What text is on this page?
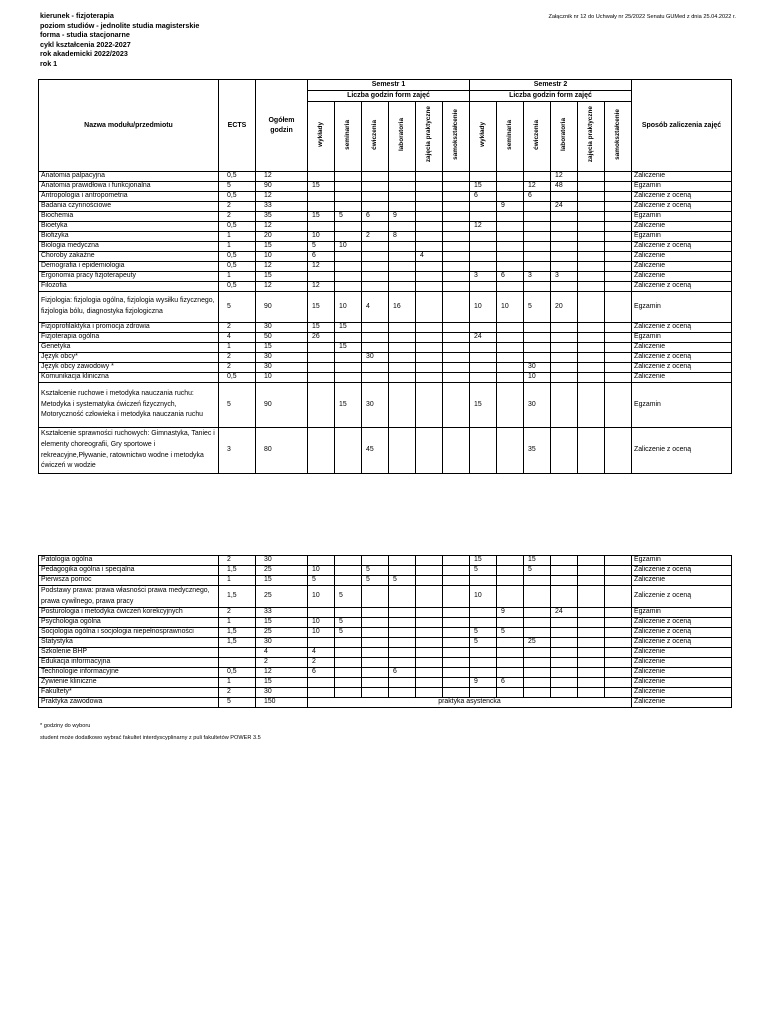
kierunek - fizjoterapia
poziom studiów - jednolite studia magisterskie
forma - studia stacjonarne
cykl kształcenia 2022-2027
rok akademicki 2022/2023
rok 1
Załącznik nr 12 do Uchwały nr 25/2022 Senatu GUMed z dnia 25.04.2022 r.
Nazwa modułu/przedmiotu	ECTS	Ogółem godzin	Semestr 1						Semestr 2						Sposób zaliczenia zajęć
			Liczba godzin form zajęć						Liczba godzin form zajęć						
			wykłady	seminaria	ćwiczenia	laboratoria	zajęcia praktyczne	samokształcenie	wykłady	seminaria	ćwiczenia	laboratoria	zajęcia praktyczne	samokształcenie	
Anatomia palpacyjna	0,5	12										12			Zaliczenie
Anatomia prawidłowa i funkcjonalna	5	90	15						15		12	48			Egzamin
Antropologia i antropometria	0,5	12							6		6				Zaliczenie z oceną
Badania czynnościowe	2	33								9		24			Zaliczenie z oceną
Biochemia	2	35	15	5	6	9									Egzamin
Bioetyka	0,5	12							12						Zaliczenie
Biofizyka	1	20	10		2	8									Egzamin
Biologia medyczna	1	15	5	10											Zaliczenie z oceną
Choroby zakaźne	0,5	10	6				4								Zaliczenie
Demografia i epidemiologia	0,5	12	12												Zaliczenie
Ergonomia pracy fizjoterapeuty	1	15							3	6	3	3			Zaliczenie
Filozofia	0,5	12	12												Zaliczenie z oceną
Fizjologia: fizjologia ogólna, fizjologia wysiłku fizycznego, fizjologia bólu, diagnostyka fizjologiczna	5	90	15	10	4	16			10	10	5	20			Egzamin
Fizjoprofilaktyka i promocja zdrowia	2	30	15	15											Zaliczenie z oceną
Fizjoterapia ogólna	4	50	26						24						Egzamin
Genetyka	1	15		15											Zaliczenie
Język obcy*	2	30			30										Zaliczenie z oceną
Język obcy zawodowy *	2	30									30				Zaliczenie z oceną
Komunikacja kliniczna	0,5	10									10				Zaliczenie
Kształcenie ruchowe i metodyka nauczania ruchu: Metodyka i systematyka ćwiczeń fizycznych, Motoryczność człowieka i metodyka nauczania ruchu	5	90		15	30				15		30				Egzamin
Kształcenie sprawności ruchowych: Gimnastyka, Taniec i elementy choreografii, Gry sportowe i rekreacyjne,Pływanie, ratownictwo wodne i metodyka ćwiczeń w wodzie	3	80			45						35				Zaliczenie z oceną
Patologia ogólna	2	30							15		15				Egzamin
Pedagogika ogólna i specjalna	1,5	25	10		5				5		5				Zaliczenie z oceną
Pierwsza pomoc	1	15	5		5	5									Zaliczenie
Podstawy prawa: prawa własności prawa medycznego, prawa cywilnego, prawa pracy	1,5	25	10	5					10						Zaliczenie z oceną
Posturologia i metodyka ćwiczeń korekcyjnych	2	33								9		24			Egzamin
Psychologia ogólna	1	15	10	5											Zaliczenie z oceną
Socjologia ogólna i socjologia niepełnosprawności	1,5	25	10	5					5	5					Zaliczenie z oceną
Statystyka	1,5	30							5		25				Zaliczenie z oceną
Szkolenie BHP		4	4												Zaliczenie
Edukacja informacyjna		2	2												Zaliczenie
Technologie informacyjne	0,5	12	6			6									Zaliczenie
Żywienie kliniczne	1	15							9	6					Zaliczenie
Fakultety*	2	30													Zaliczenie
Praktyka zawodowa	5	150	praktyka asystencka												Zaliczenie
* godziny do wyboru
student może dodatkowo wybrać fakultet interdyscyplinarny z puli fakultetów POWER 3.5
